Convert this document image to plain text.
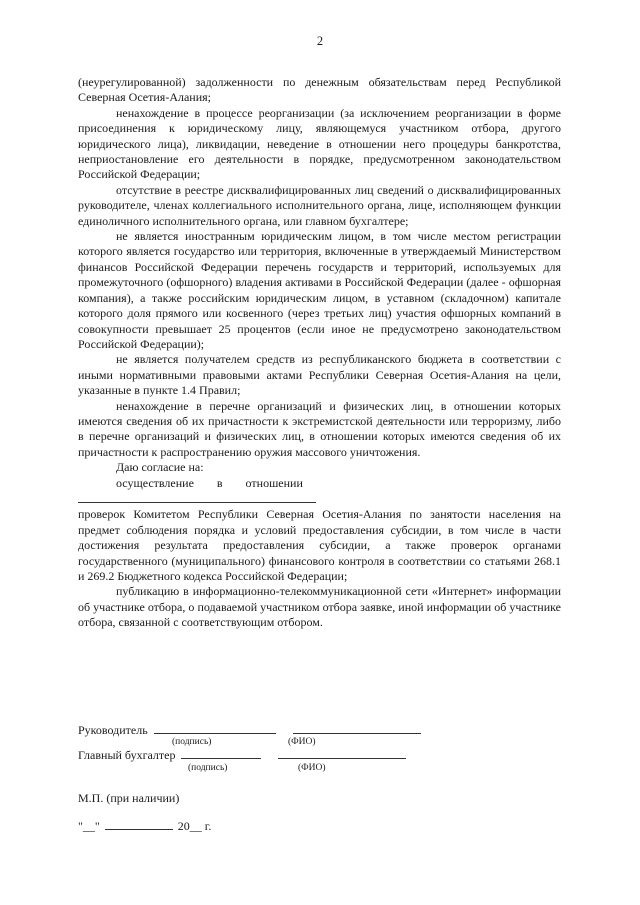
2

(неурегулированной) задолженности по денежным обязательствам перед Республикой Северная Осетия-Алания;

ненахождение в процессе реорганизации (за исключением реорганизации в форме присоединения к юридическому лицу, являющемуся участником отбора, другого юридического лица), ликвидации, неведение в отношении него процедуры банкротства, неприостановление его деятельности в порядке, предусмотренном законодательством Российской Федерации;

отсутствие в реестре дисквалифицированных лиц сведений о дисквалифицированных руководителе, членах коллегиального исполнительного органа, лице, исполняющем функции единоличного исполнительного органа, или главном бухгалтере;

не является иностранным юридическим лицом, в том числе местом регистрации которого является государство или территория, включенные в утверждаемый Министерством финансов Российской Федерации перечень государств и территорий, используемых для промежуточного (офшорного) владения активами в Российской Федерации (далее - офшорная компания), а также российским юридическим лицом, в уставном (складочном) капитале которого доля прямого или косвенного (через третьих лиц) участия офшорных компаний в совокупности превышает 25 процентов (если иное не предусмотрено законодательством Российской Федерации);

не является получателем средств из республиканского бюджета в соответствии с иными нормативными правовыми актами Республики Северная Осетия-Алания на цели, указанные в пункте 1.4 Правил;

ненахождение в перечне организаций и физических лиц, в отношении которых имеются сведения об их причастности к экстремистской деятельности или терроризму, либо в перечне организаций и физических лиц, в отношении которых имеются сведения об их причастности к распространению оружия массового уничтожения.

Даю согласие на:

осуществление в отношении

проверок Комитетом Республики Северная Осетия-Алания по занятости населения на предмет соблюдения порядка и условий предоставления субсидии, в том числе в части достижения результата предоставления субсидии, а также проверок органами государственного (муниципального) финансового контроля в соответствии со статьями 268.1 и 269.2 Бюджетного кодекса Российской Федерации;

публикацию в информационно-телекоммуникационной сети «Интернет» информации об участнике отбора, о подаваемой участником отбора заявке, иной информации об участнике отбора, связанной с соответствующим отбором.

Руководитель
(подпись)	(ФИО)
Главный бухгалтер
(подпись)	(ФИО)
М.П. (при наличии)
"__"	20__ г.
